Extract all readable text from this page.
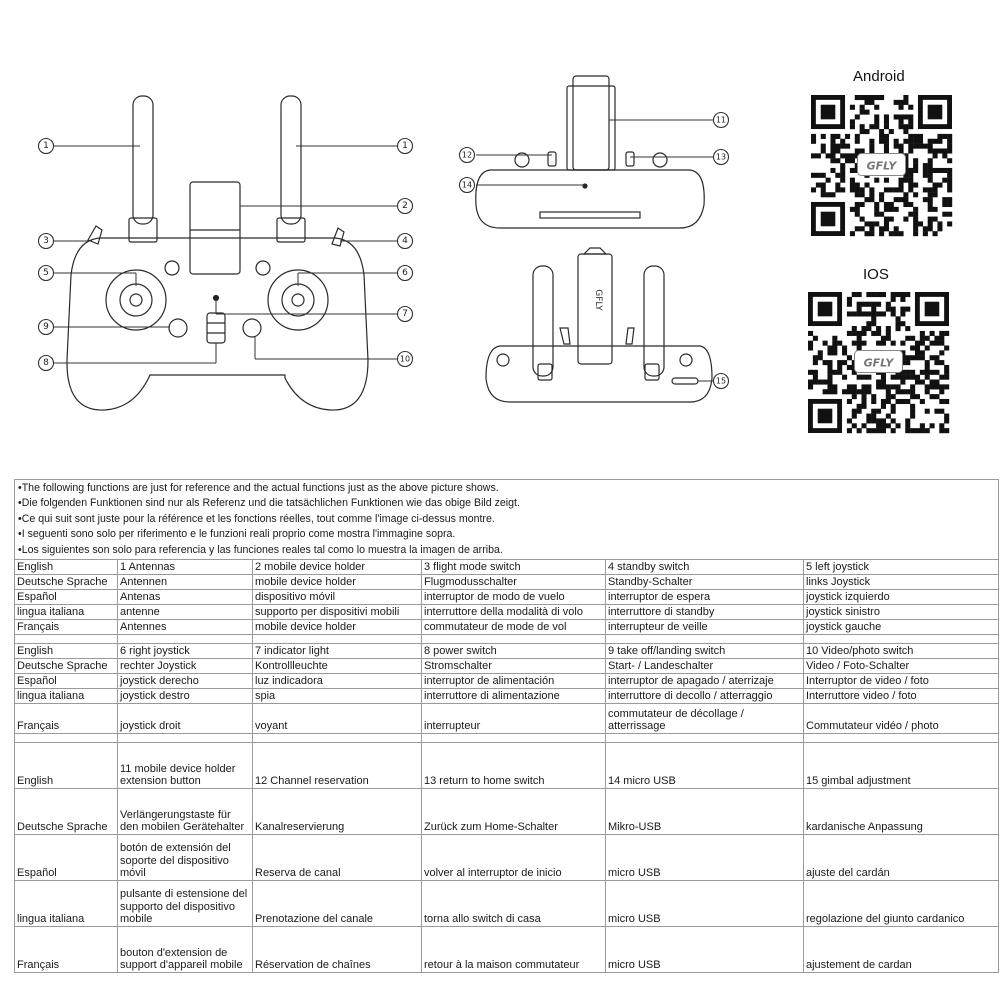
1	1
2
3	4
5	6
7
8
9
10
11
12	13
14
15
GFLY
GFLY
GFLY
Android
IOS
•The following functions are just for reference and the actual functions just as the above picture shows.
•Die folgenden Funktionen sind nur als Referenz und die tatsächlichen Funktionen wie das obige Bild zeigt.
•Ce qui suit sont juste pour la référence et les fonctions réelles, tout comme l'image ci-dessus montre.
•I seguenti sono solo per riferimento e le funzioni reali proprio come mostra l'immagine sopra.
•Los siguientes son solo para referencia y las funciones reales tal como lo muestra la imagen de arriba.					

English	1 Antennas	2 mobile device holder	3 flight mode switch	4 standby switch	5 left joystick
Deutsche Sprache	Antennen	mobile device holder	Flugmodusschalter	Standby-Schalter	links Joystick
Español	Antenas	dispositivo móvil	interruptor de modo de vuelo	interruptor de espera	joystick izquierdo
lingua italiana	antenne	supporto per dispositivi mobili	interruttore della modalità di volo	interruttore di standby	joystick sinistro
Français	Antennes	mobile device holder	commutateur de mode de vol	interrupteur de veille	joystick gauche

English	6 right joystick	7 indicator light	8 power switch	9 take off/landing switch	10 Video/photo switch
Deutsche Sprache	rechter Joystick	Kontrollleuchte	Stromschalter	Start- / Landeschalter	Video / Foto-Schalter
Español	joystick derecho	luz indicadora	interruptor de alimentación	interruptor de apagado / aterrizaje	Interruptor de video / foto
lingua italiana	joystick destro	spia	interruttore di alimentazione	interruttore di decollo / atterraggio	Interruttore video / foto
Français	joystick droit	voyant	interrupteur	commutateur de décollage / atterrissage	Commutateur vidéo / photo

English	11 mobile device holder extension button	12 Channel reservation	13 return to home switch	14 micro USB	15 gimbal adjustment
Deutsche Sprache	Verlängerungstaste für den mobilen Gerätehalter	Kanalreservierung	Zurück zum Home-Schalter	Mikro-USB	kardanische Anpassung
Español	botón de extensión del soporte del dispositivo móvil	Reserva de canal	volver al interruptor de inicio	micro USB	ajuste del cardán
lingua italiana	pulsante di estensione del supporto del dispositivo mobile	Prenotazione del canale	torna allo switch di casa	micro USB	regolazione del giunto cardanico
Français	bouton d'extension de support d'appareil mobile	Réservation de chaînes	retour à la maison commutateur	micro USB	ajustement de cardan
